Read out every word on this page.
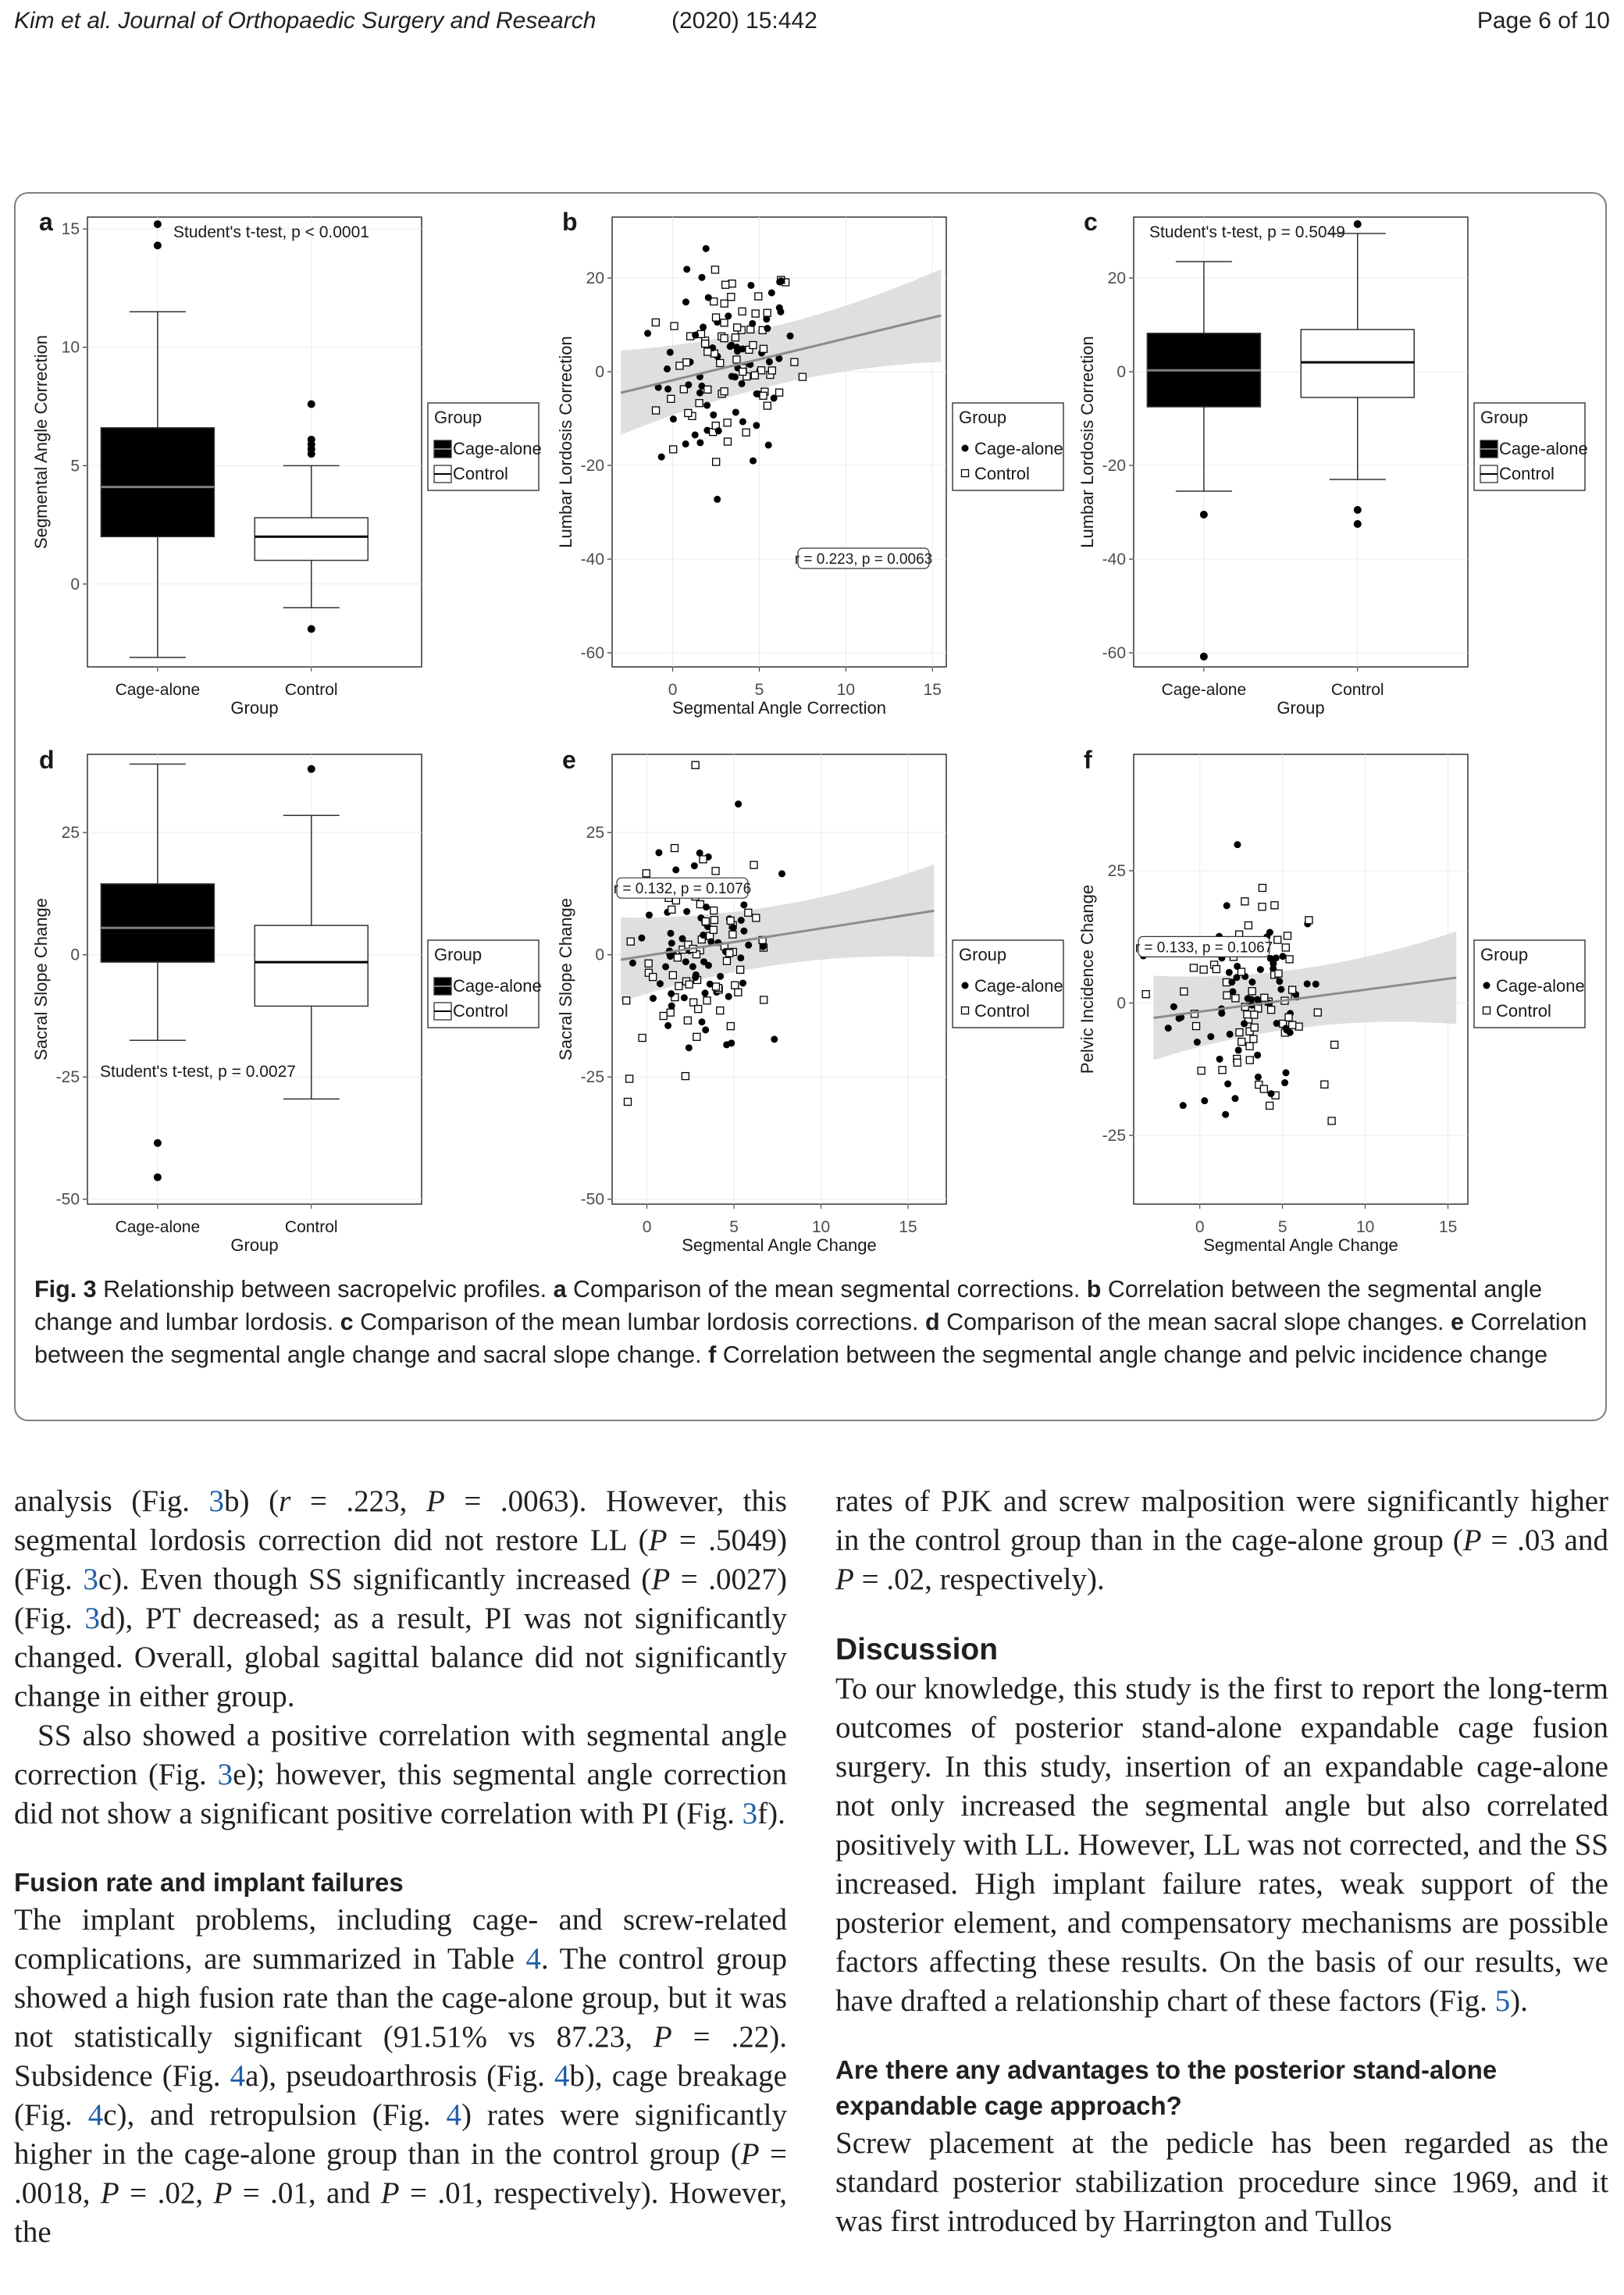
Kim et al. Journal of Orthopaedic Surgery and Research	(2020) 15:442	Page 6 of 10
a
0
5
10
15
Segmental Angle Correction
Group
Cage-alone	Control
Student's t-test, p < 0.0001
Group
Cage-alone
Control
b
-60
-40
-20
0
20
Lumbar Lordosis Correction
Segmental Angle Correction
0	5	10	15
r = 0.223, p = 0.0063
Group
Cage-alone
Control
c
-60
-40
-20
0
20
Lumbar Lordosis Correction
Group
Cage-alone	Control
Student's t-test, p = 0.5049
Group
Cage-alone
Control
d
-50
-25
0
25
Sacral Slope Change
Group
Cage-alone	Control
Student's t-test, p = 0.0027
Group
Cage-alone
Control
e
-50
-25
0
25
Sacral Slope Change
Segmental Angle Change
0	5	10	15
r = 0.132, p = 0.1076
Group
Cage-alone
Control
f
-25
0
25
Pelvic Incidence Change
Segmental Angle Change
0	5	10	15
r = 0.133, p = 0.1067	Group
Cage-alone
Control
Fig. 3 Relationship between sacropelvic profiles. a Comparison of the mean segmental corrections. b Correlation between the segmental angle change and lumbar lordosis. c Comparison of the mean lumbar lordosis corrections. d Comparison of the mean sacral slope changes. e Correlation between the segmental angle change and sacral slope change. f Correlation between the segmental angle change and pelvic incidence change

analysis (Fig. 3b) (r = .223, P = .0063). However, this segmental lordosis correction did not restore LL (P = .5049) (Fig. 3c). Even though SS significantly increased (P = .0027) (Fig. 3d), PT decreased; as a result, PI was not significantly changed. Overall, global sagittal balance did not significantly change in either group.

SS also showed a positive correlation with segmental angle correction (Fig. 3e); however, this segmental angle correction did not show a significant positive correlation with PI (Fig. 3f).

Fusion rate and implant failures

The implant problems, including cage- and screw-related complications, are summarized in Table 4. The control group showed a high fusion rate than the cage-alone group, but it was not statistically significant (91.51% vs 87.23, P = .22). Subsidence (Fig. 4a), pseudoarthrosis (Fig. 4b), cage breakage (Fig. 4c), and retropulsion (Fig. 4) rates were significantly higher in the cage-alone group than in the control group (P = .0018, P = .02, P = .01, and P = .01, respectively). However, the

rates of PJK and screw malposition were significantly higher in the control group than in the cage-alone group (P = .03 and P = .02, respectively).

Discussion

To our knowledge, this study is the first to report the long-term outcomes of posterior stand-alone expandable cage fusion surgery. In this study, insertion of an expandable cage-alone not only increased the segmental angle but also correlated positively with LL. However, LL was not corrected, and the SS increased. High implant failure rates, weak support of the posterior element, and compensatory mechanisms are possible factors affecting these results. On the basis of our results, we have drafted a relationship chart of these factors (Fig. 5).

Are there any advantages to the posterior stand-alone expandable cage approach?

Screw placement at the pedicle has been regarded as the standard posterior stabilization procedure since 1969, and it was first introduced by Harrington and Tullos
